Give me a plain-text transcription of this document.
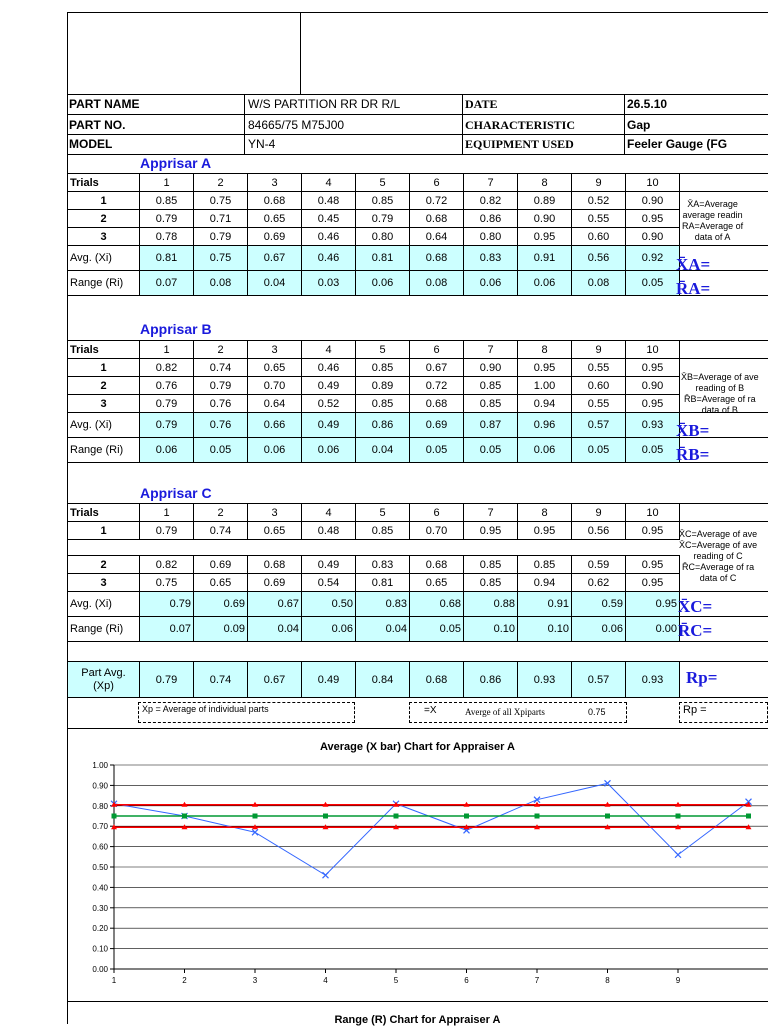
PART NAME	W/S PARTITION RR DR R/L	DATE	26.5.10
PART NO.	84665/75 M75J00	CHARACTERISTIC	Gap
MODEL	YN-4	EQUIPMENT USED	Feeler Gauge (FG
Apprisar A
Trials	1	2	3	4	5	6	7	8	9	10	
1	0.85	0.75	0.68	0.48	0.85	0.72	0.82	0.89	0.52	0.90	
2	0.79	0.71	0.65	0.45	0.79	0.68	0.86	0.90	0.55	0.95	
3	0.78	0.79	0.69	0.46	0.80	0.64	0.80	0.95	0.60	0.90	
Avg. (Xi)	0.81	0.75	0.67	0.46	0.81	0.68	0.83	0.91	0.56	0.92	
Range (Ri)	0.07	0.08	0.04	0.03	0.06	0.08	0.06	0.06	0.08	0.05	
X̄A=Average
average readin
RA=Average of
data of A
X̄A=
R̄A=
Apprisar B
Trials	1	2	3	4	5	6	7	8	9	10	
1	0.82	0.74	0.65	0.46	0.85	0.67	0.90	0.95	0.55	0.95	
2	0.76	0.79	0.70	0.49	0.89	0.72	0.85	1.00	0.60	0.90	
3	0.79	0.76	0.64	0.52	0.85	0.68	0.85	0.94	0.55	0.95	
Avg. (Xi)	0.79	0.76	0.66	0.49	0.86	0.69	0.87	0.96	0.57	0.93	
Range (Ri)	0.06	0.05	0.06	0.06	0.04	0.05	0.05	0.06	0.05	0.05	
X̄B=Average of ave
reading of B
R̄B=Average of ra
data of B
X̄B=
R̄B=
Apprisar C
Trials	1	2	3	4	5	6	7	8	9	10	
1	0.79	0.74	0.65	0.48	0.85	0.70	0.95	0.95	0.56	0.95	
2	0.82	0.69	0.68	0.49	0.83	0.68	0.85	0.85	0.59	0.95	
3	0.75	0.65	0.69	0.54	0.81	0.65	0.85	0.94	0.62	0.95	
Avg. (Xi)	0.79	0.69	0.67	0.50	0.83	0.68	0.88	0.91	0.59	0.95	
Range (Ri)	0.07	0.09	0.04	0.06	0.04	0.05	0.10	0.10	0.06	0.00	
X̄C=Average of ave
X̄C=Average of ave
reading of C
R̄C=Average of ra
data of C
X̄C=
R̄C=
Part Avg.
(Xp)	0.79	0.74	0.67	0.49	0.84	0.68	0.86	0.93	0.57	0.93	Rp=
Xp = Average of individual parts	=X	Averge of all Xpiparts	0.75	Rp =
Average (X bar) Chart for Appraiser A
0.00
0.10
0.20
0.30
0.40
0.50
0.60
0.70
0.80
0.90
1.00
1	2	3	4	5	6	7	8	9
Range (R) Chart for Appraiser A
